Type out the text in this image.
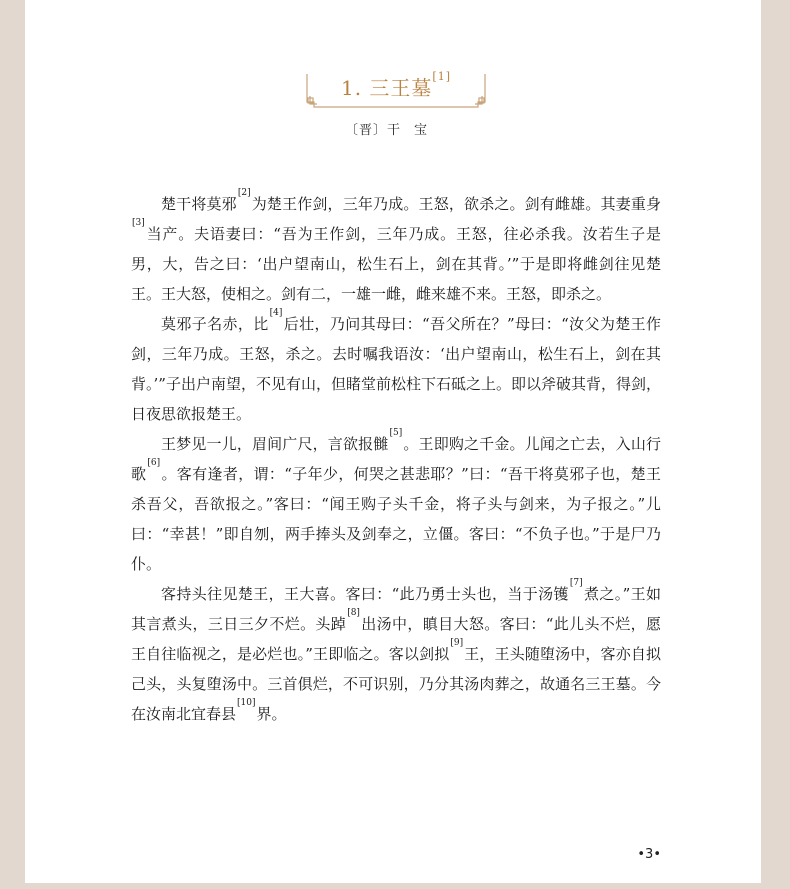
1. 三王墓[1]
〔晋〕干宝

楚干将莫邪[2]为楚王作剑，三年乃成。王怒，欲杀之。剑有雌雄。其妻重身[3]当产。夫语妻曰：“吾为王作剑，三年乃成。王怒，往必杀我。汝若生子是男，大，告之曰：‘出户望南山，松生石上，剑在其背。’”于是即将雌剑往见楚王。王大怒，使相之。剑有二，一雄一雌，雌来雄不来。王怒，即杀之。

莫邪子名赤，比[4]后壮，乃问其母曰：“吾父所在？”母曰：“汝父为楚王作剑，三年乃成。王怒，杀之。去时嘱我语汝：‘出户望南山，松生石上，剑在其背。’”子出户南望，不见有山，但睹堂前松柱下石砥之上。即以斧破其背，得剑，日夜思欲报楚王。

王梦见一儿，眉间广尺，言欲报雠[5]。王即购之千金。儿闻之亡去，入山行歌[6]。客有逢者，谓：“子年少，何哭之甚悲耶？”曰：“吾干将莫邪子也，楚王杀吾父，吾欲报之。”客曰：“闻王购子头千金，将子头与剑来，为子报之。”儿曰：“幸甚！”即自刎，两手捧头及剑奉之，立僵。客曰：“不负子也。”于是尸乃仆。

客持头往见楚王，王大喜。客曰：“此乃勇士头也，当于汤镬[7]煮之。”王如其言煮头，三日三夕不烂。头踔[8]出汤中，瞋目大怒。客曰：“此儿头不烂，愿王自往临视之，是必烂也。”王即临之。客以剑拟[9]王，王头随堕汤中，客亦自拟己头，头复堕汤中。三首俱烂，不可识别，乃分其汤肉葬之，故通名三王墓。今在汝南北宜春县[10]界。

•3•
